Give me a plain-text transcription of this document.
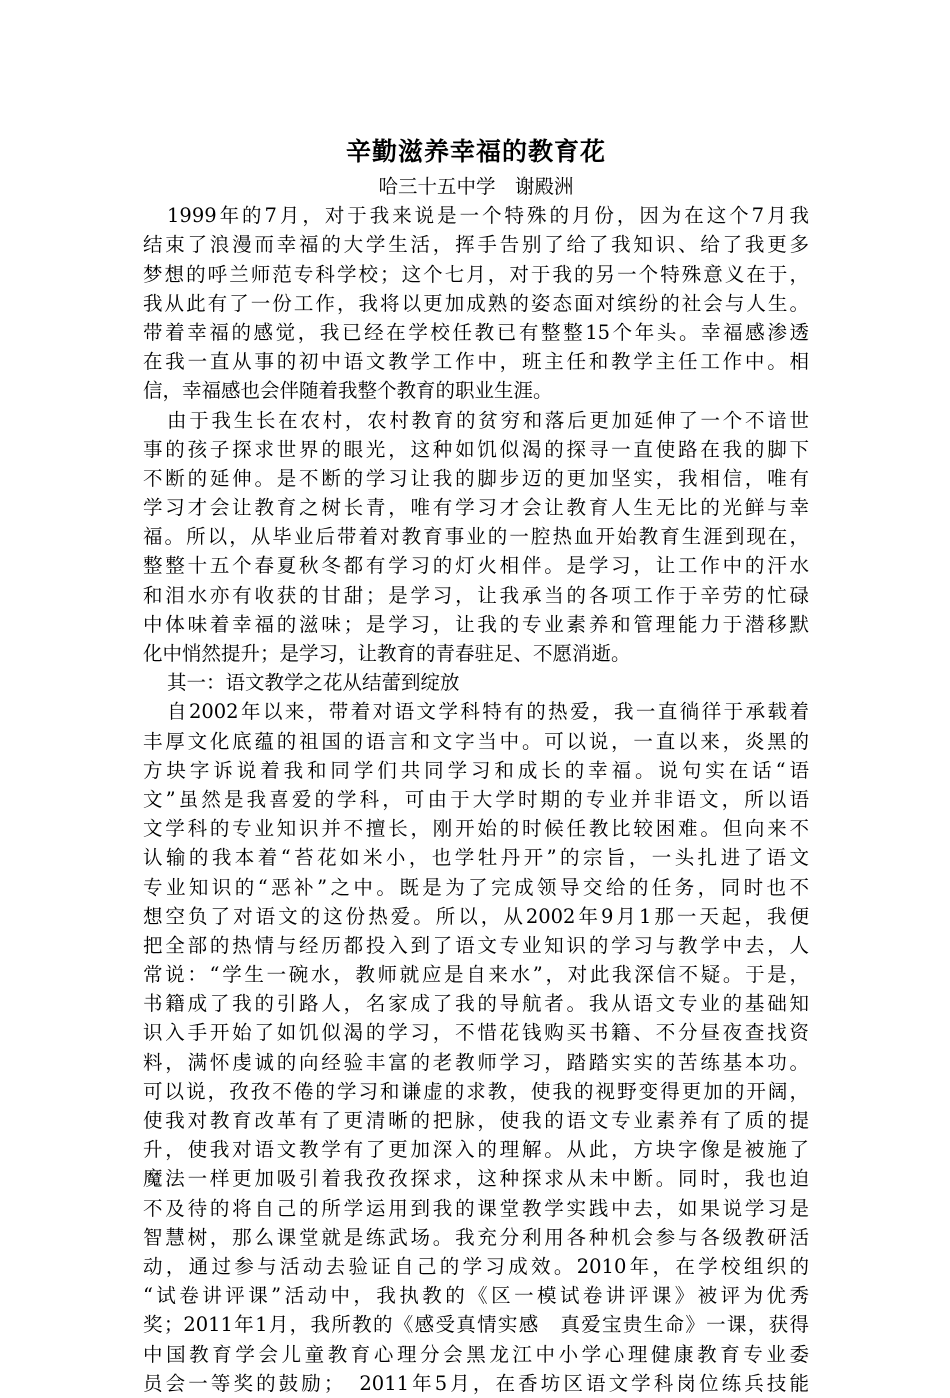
辛勤滋养幸福的教育花
哈三十五中学　谢殿洲
1999年的7月，对于我来说是一个特殊的月份，因为在这个7月我
结束了浪漫而幸福的大学生活，挥手告别了给了我知识、给了我更多
梦想的呼兰师范专科学校；这个七月，对于我的另一个特殊意义在于，
我从此有了一份工作，我将以更加成熟的姿态面对缤纷的社会与人生。
带着幸福的感觉，我已经在学校任教已有整整15个年头。幸福感渗透
在我一直从事的初中语文教学工作中，班主任和教学主任工作中。相
信，幸福感也会伴随着我整个教育的职业生涯。
由于我生长在农村，农村教育的贫穷和落后更加延伸了一个不谙世
事的孩子探求世界的眼光，这种如饥似渴的探寻一直使路在我的脚下
不断的延伸。是不断的学习让我的脚步迈的更加坚实，我相信，唯有
学习才会让教育之树长青，唯有学习才会让教育人生无比的光鲜与幸
福。所以，从毕业后带着对教育事业的一腔热血开始教育生涯到现在，
整整十五个春夏秋冬都有学习的灯火相伴。是学习，让工作中的汗水
和泪水亦有收获的甘甜；是学习，让我承当的各项工作于辛劳的忙碌
中体味着幸福的滋味；是学习，让我的专业素养和管理能力于潜移默
化中悄然提升；是学习，让教育的青春驻足、不愿消逝。
其一：语文教学之花从结蕾到绽放
自2002年以来，带着对语文学科特有的热爱，我一直徜徉于承载着
丰厚文化底蕴的祖国的语言和文字当中。可以说，一直以来，炎黑的
方块字诉说着我和同学们共同学习和成长的幸福。说句实在话“语
文”虽然是我喜爱的学科，可由于大学时期的专业并非语文，所以语
文学科的专业知识并不擅长，刚开始的时候任教比较困难。但向来不
认输的我本着“苔花如米小，也学牡丹开”的宗旨，一头扎进了语文
专业知识的“恶补”之中。既是为了完成领导交给的任务，同时也不
想空负了对语文的这份热爱。所以，从2002年9月1那一天起，我便
把全部的热情与经历都投入到了语文专业知识的学习与教学中去，人
常说：“学生一碗水，教师就应是自来水”，对此我深信不疑。于是，
书籍成了我的引路人，名家成了我的导航者。我从语文专业的基础知
识入手开始了如饥似渴的学习，不惜花钱购买书籍、不分昼夜查找资
料，满怀虔诚的向经验丰富的老教师学习，踏踏实实的苦练基本功。
可以说，孜孜不倦的学习和谦虚的求教，使我的视野变得更加的开阔，
使我对教育改革有了更清晰的把脉，使我的语文专业素养有了质的提
升，使我对语文教学有了更加深入的理解。从此，方块字像是被施了
魔法一样更加吸引着我孜孜探求，这种探求从未中断。同时，我也迫
不及待的将自己的所学运用到我的课堂教学实践中去，如果说学习是
智慧树，那么课堂就是练武场。我充分利用各种机会参与各级教研活
动，通过参与活动去验证自己的学习成效。2010年，在学校组织的
“试卷讲评课”活动中，我执教的《区一模试卷讲评课》被评为优秀
奖；2011年1月，我所教的《感受真情实感　真爱宝贵生命》一课，获得
中国教育学会儿童教育心理分会黑龙江中小学心理健康教育专业委
员会一等奖的鼓励；　2011年5月，在香坊区语文学科岗位练兵技能
